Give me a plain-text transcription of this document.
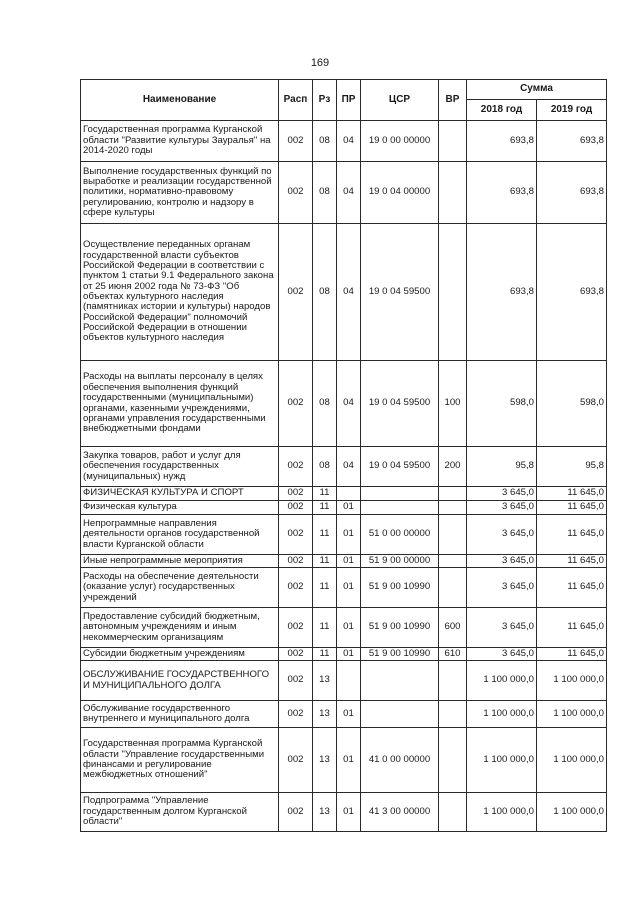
169
Наименование	Расп	Рз	ПР	ЦСР	ВР	Сумма	
						2018 год	2019 год
Государственная программа Курганской области "Развитие культуры Зауралья" на 2014-2020 годы	002	08	04	19 0 00 00000		693,8	693,8
Выполнение государственных функций по выработке и реализации государственной политики, нормативно-правовому регулированию, контролю и надзору в сфере культуры	002	08	04	19 0 04 00000		693,8	693,8
Осуществление переданных органам государственной власти субъектов Российской Федерации в соответствии с пунктом 1 статьи 9.1 Федерального закона от 25 июня 2002 года № 73-ФЗ "Об объектах культурного наследия (памятниках истории и культуры) народов Российской Федерации" полномочий Российской Федерации в отношении объектов культурного наследия	002	08	04	19 0 04 59500		693,8	693,8
Расходы на выплаты персоналу в целях обеспечения выполнения функций государственными (муниципальными) органами, казенными учреждениями, органами управления государственными внебюджетными фондами	002	08	04	19 0 04 59500	100	598,0	598,0
Закупка товаров, работ и услуг для обеспечения государственных (муниципальных) нужд	002	08	04	19 0 04 59500	200	95,8	95,8
ФИЗИЧЕСКАЯ КУЛЬТУРА И СПОРТ	002	11				3 645,0	11 645,0
Физическая культура	002	11	01			3 645,0	11 645,0
Непрограммные направления деятельности органов государственной власти Курганской области	002	11	01	51 0 00 00000		3 645,0	11 645,0
Иные непрограммные мероприятия	002	11	01	51 9 00 00000		3 645,0	11 645,0
Расходы на обеспечение деятельности (оказание услуг) государственных учреждений	002	11	01	51 9 00 10990		3 645,0	11 645,0
Предоставление субсидий бюджетным, автономным учреждениям и иным некоммерческим организациям	002	11	01	51 9 00 10990	600	3 645,0	11 645,0
Субсидии бюджетным учреждениям	002	11	01	51 9 00 10990	610	3 645,0	11 645,0
ОБСЛУЖИВАНИЕ ГОСУДАРСТВЕННОГО И МУНИЦИПАЛЬНОГО ДОЛГА	002	13				1 100 000,0	1 100 000,0
Обслуживание государственного внутреннего и муниципального долга	002	13	01			1 100 000,0	1 100 000,0
Государственная программа Курганской области "Управление государственными финансами и регулирование межбюджетных отношений"	002	13	01	41 0 00 00000		1 100 000,0	1 100 000,0
Подпрограмма "Управление государственным долгом Курганской области"	002	13	01	41 3 00 00000		1 100 000,0	1 100 000,0
